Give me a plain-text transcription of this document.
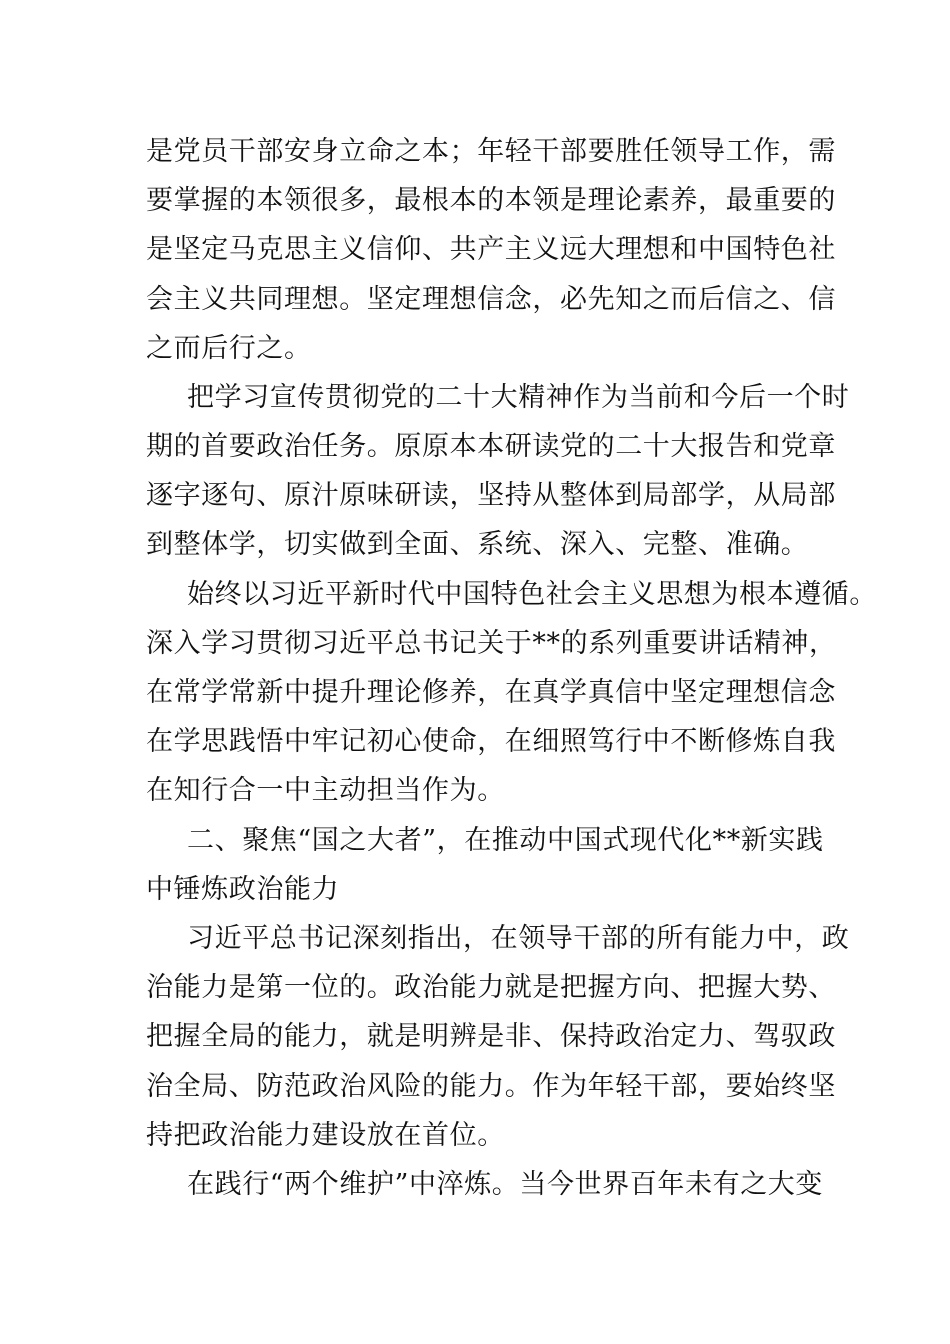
是党员干部安身立命之本；年轻干部要胜任领导工作，需
要掌握的本领很多，最根本的本领是理论素养，最重要的
是坚定马克思主义信仰、共产主义远大理想和中国特色社
会主义共同理想。坚定理想信念，必先知之而后信之、信
之而后行之。
把学习宣传贯彻党的二十大精神作为当前和今后一个时
期的首要政治任务。原原本本研读党的二十大报告和党章
逐字逐句、原汁原味研读，坚持从整体到局部学，从局部
到整体学，切实做到全面、系统、深入、完整、准确。
始终以习近平新时代中国特色社会主义思想为根本遵循。
深入学习贯彻习近平总书记关于**的系列重要讲话精神，
在常学常新中提升理论修养，在真学真信中坚定理想信念
在学思践悟中牢记初心使命，在细照笃行中不断修炼自我
在知行合一中主动担当作为。
二、聚焦“国之大者”，在推动中国式现代化**新实践
中锤炼政治能力
习近平总书记深刻指出，在领导干部的所有能力中，政
治能力是第一位的。政治能力就是把握方向、把握大势、
把握全局的能力，就是明辨是非、保持政治定力、驾驭政
治全局、防范政治风险的能力。作为年轻干部，要始终坚
持把政治能力建设放在首位。
在践行“两个维护”中淬炼。当今世界百年未有之大变
